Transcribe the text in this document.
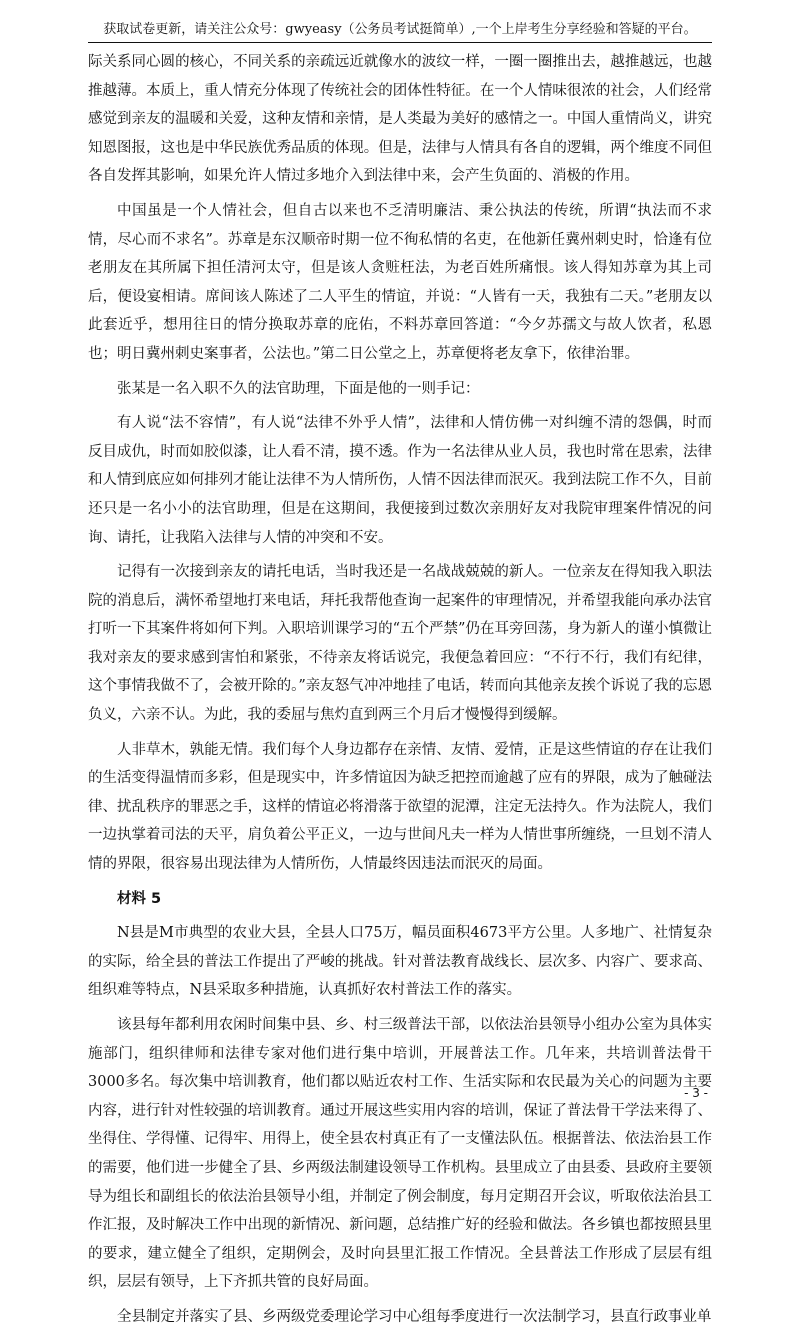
获取试卷更新，请关注公众号：gwyeasy（公务员考试挺简单）,一个上岸考生分享经验和答疑的平台。

际关系同心圆的核心，不同关系的亲疏远近就像水的波纹一样，一圈一圈推出去，越推越远，也越推越薄。本质上，重人情充分体现了传统社会的团体性特征。在一个人情味很浓的社会，人们经常感觉到亲友的温暖和关爱，这种友情和亲情，是人类最为美好的感情之一。中国人重情尚义，讲究知恩图报，这也是中华民族优秀品质的体现。但是，法律与人情具有各自的逻辑，两个维度不同但各自发挥其影响，如果允许人情过多地介入到法律中来，会产生负面的、消极的作用。

中国虽是一个人情社会，但自古以来也不乏清明廉洁、秉公执法的传统，所谓“执法而不求情，尽心而不求名”。苏章是东汉顺帝时期一位不徇私情的名吏，在他新任冀州刺史时，恰逢有位老朋友在其所属下担任清河太守，但是该人贪赃枉法，为老百姓所痛恨。该人得知苏章为其上司后，便设宴相请。席间该人陈述了二人平生的情谊，并说：“人皆有一天，我独有二天。”老朋友以此套近乎，想用往日的情分换取苏章的庇佑，不料苏章回答道：“今夕苏孺文与故人饮者，私恩也；明日冀州刺史案事者，公法也。”第二日公堂之上，苏章便将老友拿下，依律治罪。

张某是一名入职不久的法官助理，下面是他的一则手记：

有人说“法不容情”，有人说“法律不外乎人情”，法律和人情仿佛一对纠缠不清的怨偶，时而反目成仇，时而如胶似漆，让人看不清，摸不透。作为一名法律从业人员，我也时常在思索，法律和人情到底应如何排列才能让法律不为人情所伤，人情不因法律而泯灭。我到法院工作不久，目前还只是一名小小的法官助理，但是在这期间，我便接到过数次亲朋好友对我院审理案件情况的问询、请托，让我陷入法律与人情的冲突和不安。

记得有一次接到亲友的请托电话，当时我还是一名战战兢兢的新人。一位亲友在得知我入职法院的消息后，满怀希望地打来电话，拜托我帮他查询一起案件的审理情况，并希望我能向承办法官打听一下其案件将如何下判。入职培训课学习的“五个严禁”仍在耳旁回荡，身为新人的谨小慎微让我对亲友的要求感到害怕和紧张，不待亲友将话说完，我便急着回应：“不行不行，我们有纪律，这个事情我做不了，会被开除的。”亲友怒气冲冲地挂了电话，转而向其他亲友挨个诉说了我的忘恩负义，六亲不认。为此，我的委屈与焦灼直到两三个月后才慢慢得到缓解。

人非草木，孰能无情。我们每个人身边都存在亲情、友情、爱情，正是这些情谊的存在让我们的生活变得温情而多彩，但是现实中，许多情谊因为缺乏把控而逾越了应有的界限，成为了触碰法律、扰乱秩序的罪恶之手，这样的情谊必将滑落于欲望的泥潭，注定无法持久。作为法院人，我们一边执掌着司法的天平，肩负着公平正义，一边与世间凡夫一样为人情世事所缠绕，一旦划不清人情的界限，很容易出现法律为人情所伤，人情最终因违法而泯灭的局面。

材料 5

N县是M市典型的农业大县，全县人口75万，幅员面积4673平方公里。人多地广、社情复杂的实际，给全县的普法工作提出了严峻的挑战。针对普法教育战线长、层次多、内容广、要求高、组织难等特点，N县采取多种措施，认真抓好农村普法工作的落实。

该县每年都利用农闲时间集中县、乡、村三级普法干部，以依法治县领导小组办公室为具体实施部门，组织律师和法律专家对他们进行集中培训，开展普法工作。几年来，共培训普法骨干3000多名。每次集中培训教育，他们都以贴近农村工作、生活实际和农民最为关心的问题为主要内容，进行针对性较强的培训教育。通过开展这些实用内容的培训，保证了普法骨干学法来得了、坐得住、学得懂、记得牢、用得上，使全县农村真正有了一支懂法队伍。根据普法、依法治县工作的需要，他们进一步健全了县、乡两级法制建设领导工作机构。县里成立了由县委、县政府主要领导为组长和副组长的依法治县领导小组，并制定了例会制度，每月定期召开会议，听取依法治县工作汇报，及时解决工作中出现的新情况、新问题，总结推广好的经验和做法。各乡镇也都按照县里的要求，建立健全了组织，定期例会，及时向县里汇报工作情况。全县普法工作形成了层层有组织，层层有领导，上下齐抓共管的良好局面。

全县制定并落实了县、乡两级党委理论学习中心组每季度进行一次法制学习，县直行政事业单

- 3 -
